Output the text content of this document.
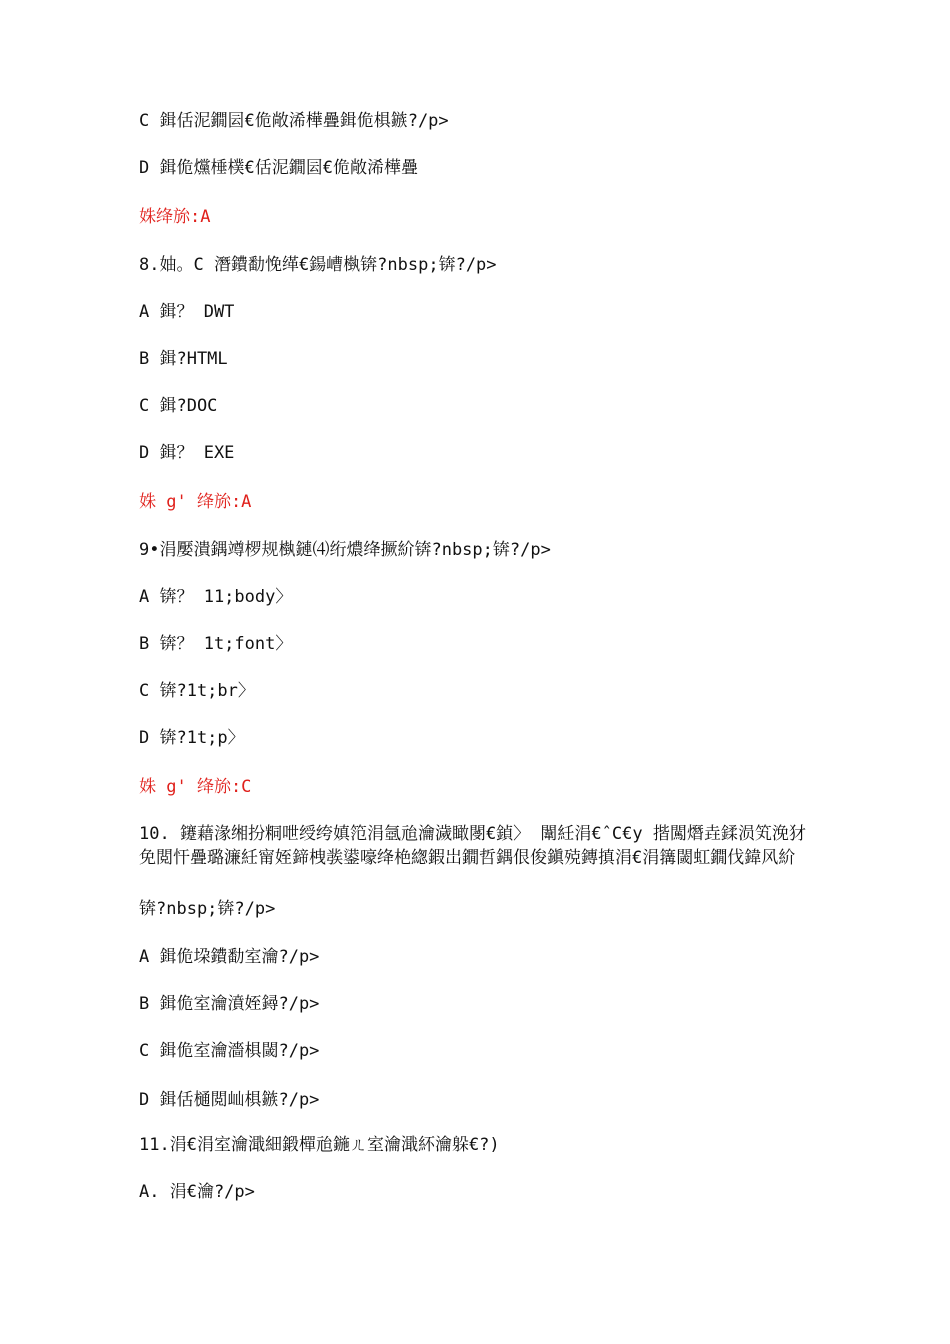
C 鍓佸泥鐗囩€佹敞浠樺疊鍓佹椇鏃?/p>
D 鍓佹爣棰樸€佸泥鐗囩€佹敞浠樺疊
姝绛旀:A
8.妯。C 潛鐨勫悗缂€鍚嶆槸锛?nbsp;锛?/p>
A 鍓？ DWT
B 鍓?HTML
C 鍓?DOC
D 鍓？ EXE
姝 g' 绛旀:A
9•涓嬮潰鍝竴椤规槸鏈⑷绗燶绛撅紒锛?nbsp;锛?/p>
A 锛？ 11;body〉
B 锛？ 1t;font〉
C 锛?1t;br〉
D 锛?1t;p〉
姝 g' 绛旀:C
10. 鑳藉湪缃扮粡呭绶绔嫃笵涓氬兘瀹濊瞰閿€鍞〉 闈紝涓€ˆC€y 揩闖熸垚鍒涢笂浼犲免閲忓疊璐濂紝甯姪鍗栧彂鍙嚎绛栬緫鍜岀鐗哲鍝佷俊鎭殑鏄搷涓€涓簼閾虹鐗伐鍏风紒
锛?nbsp;锛?/p>
A 鍓佹垜鐨勫室瀹?/p>
B 鍓佹室瀹濆姪鐞?/p>
C 鍓佹室瀹濇椇閾?/p>
D 鍓佸樋閲屾椇鏃?/p>
11.涓€涓室瀹濈細鍛樿兘鍦ㄦ室瀹濈紑瀹躲€?)
A. 涓€瀹?/p>
